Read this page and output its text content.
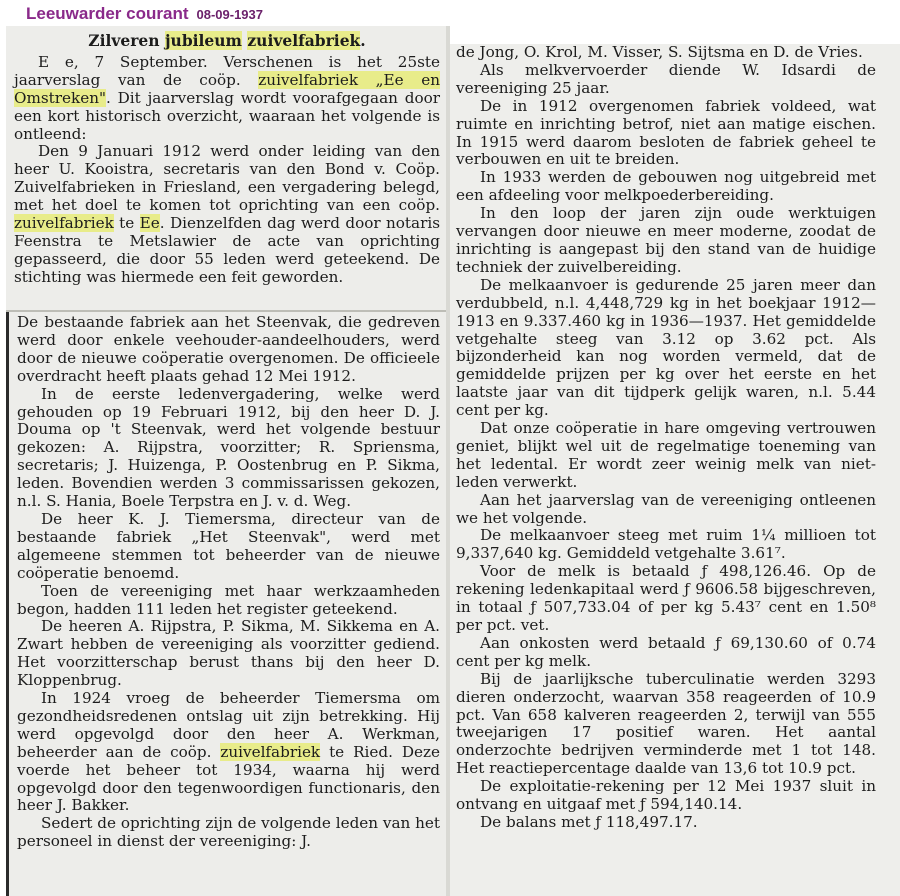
Leeuwarder courant 08-09-1937
Zilveren jubileum zuivelfabriek.

E e, 7 September. Verschenen is het 25ste jaarverslag van de coöp. zuivelfabriek „Ee en Omstreken". Dit jaarverslag wordt voorafgegaan door een kort historisch overzicht, waaraan het volgende is ontleend:

Den 9 Januari 1912 werd onder leiding van den heer U. Kooistra, secretaris van den Bond v. Coöp. Zuivelfabrieken in Friesland, een vergadering belegd, met het doel te komen tot oprichting van een coöp. zuivelfabriek te Ee. Dienzelfden dag werd door notaris Feenstra te Metslawier de acte van oprichting gepasseerd, die door 55 leden werd geteekend. De stichting was hiermede een feit geworden.

De bestaande fabriek aan het Steenvak, die gedreven werd door enkele veehouder-aandeelhouders, werd door de nieuwe coöperatie overgenomen. De officieele overdracht heeft plaats gehad 12 Mei 1912.

In de eerste ledenvergadering, welke werd gehouden op 19 Februari 1912, bij den heer D. J. Douma op 't Steenvak, werd het volgende bestuur gekozen: A. Rijpstra, voorzitter; R. Spriensma, secretaris; J. Huizenga, P. Oostenbrug en P. Sikma, leden. Bovendien werden 3 commissarissen gekozen, n.l. S. Hania, Boele Terpstra en J. v. d. Weg.

De heer K. J. Tiemersma, directeur van de bestaande fabriek „Het Steenvak", werd met algemeene stemmen tot beheerder van de nieuwe coöperatie benoemd.

Toen de vereeniging met haar werkzaamheden begon, hadden 111 leden het register geteekend.

De heeren A. Rijpstra, P. Sikma, M. Sikkema en A. Zwart hebben de vereeniging als voorzitter gediend. Het voorzitterschap berust thans bij den heer D. Kloppenbrug.

In 1924 vroeg de beheerder Tiemersma om gezondheidsredenen ontslag uit zijn betrekking. Hij werd opgevolgd door den heer A. Werkman, beheerder aan de coöp. zuivelfabriek te Ried. Deze voerde het beheer tot 1934, waarna hij werd opgevolgd door den tegenwoordigen functionaris, den heer J. Bakker.

Sedert de oprichting zijn de volgende leden van het personeel in dienst der vereeniging: J.

de Jong, O. Krol, M. Visser, S. Sijtsma en D. de Vries.

Als melkvervoerder diende W. Idsardi de vereeniging 25 jaar.

De in 1912 overgenomen fabriek voldeed, wat ruimte en inrichting betrof, niet aan matige eischen. In 1915 werd daarom besloten de fabriek geheel te verbouwen en uit te breiden.

In 1933 werden de gebouwen nog uitgebreid met een afdeeling voor melkpoederbereiding.

In den loop der jaren zijn oude werktuigen vervangen door nieuwe en meer moderne, zoodat de inrichting is aangepast bij den stand van de huidige techniek der zuivelbereiding.

De melkaanvoer is gedurende 25 jaren meer dan verdubbeld, n.l. 4,448,729 kg in het boekjaar 1912—1913 en 9.337.460 kg in 1936—1937. Het gemiddelde vetgehalte steeg van 3.12 op 3.62 pct. Als bijzonderheid kan nog worden vermeld, dat de gemiddelde prijzen per kg over het eerste en het laatste jaar van dit tijdperk gelijk waren, n.l. 5.44 cent per kg.

Dat onze coöperatie in hare omgeving vertrouwen geniet, blijkt wel uit de regelmatige toeneming van het ledental. Er wordt zeer weinig melk van niet-leden verwerkt.

Aan het jaarverslag van de vereeniging ontleenen we het volgende.

De melkaanvoer steeg met ruim 1¼ millioen tot 9,337,640 kg. Gemiddeld vetgehalte 3.61⁷.

Voor de melk is betaald ƒ 498,126.46. Op de rekening ledenkapitaal werd ƒ 9606.58 bijgeschreven, in totaal ƒ 507,733.04 of per kg 5.43⁷ cent en 1.50⁸ per pct. vet.

Aan onkosten werd betaald ƒ 69,130.60 of 0.74 cent per kg melk.

Bij de jaarlijksche tuberculinatie werden 3293 dieren onderzocht, waarvan 358 reageerden of 10.9 pct. Van 658 kalveren reageerden 2, terwijl van 555 tweejarigen 17 positief waren. Het aantal onderzochte bedrijven verminderde met 1 tot 148. Het reactiepercentage daalde van 13,6 tot 10.9 pct.

De exploitatie-rekening per 12 Mei 1937 sluit in ontvang en uitgaaf met ƒ 594,140.14.

De balans met ƒ 118,497.17.
